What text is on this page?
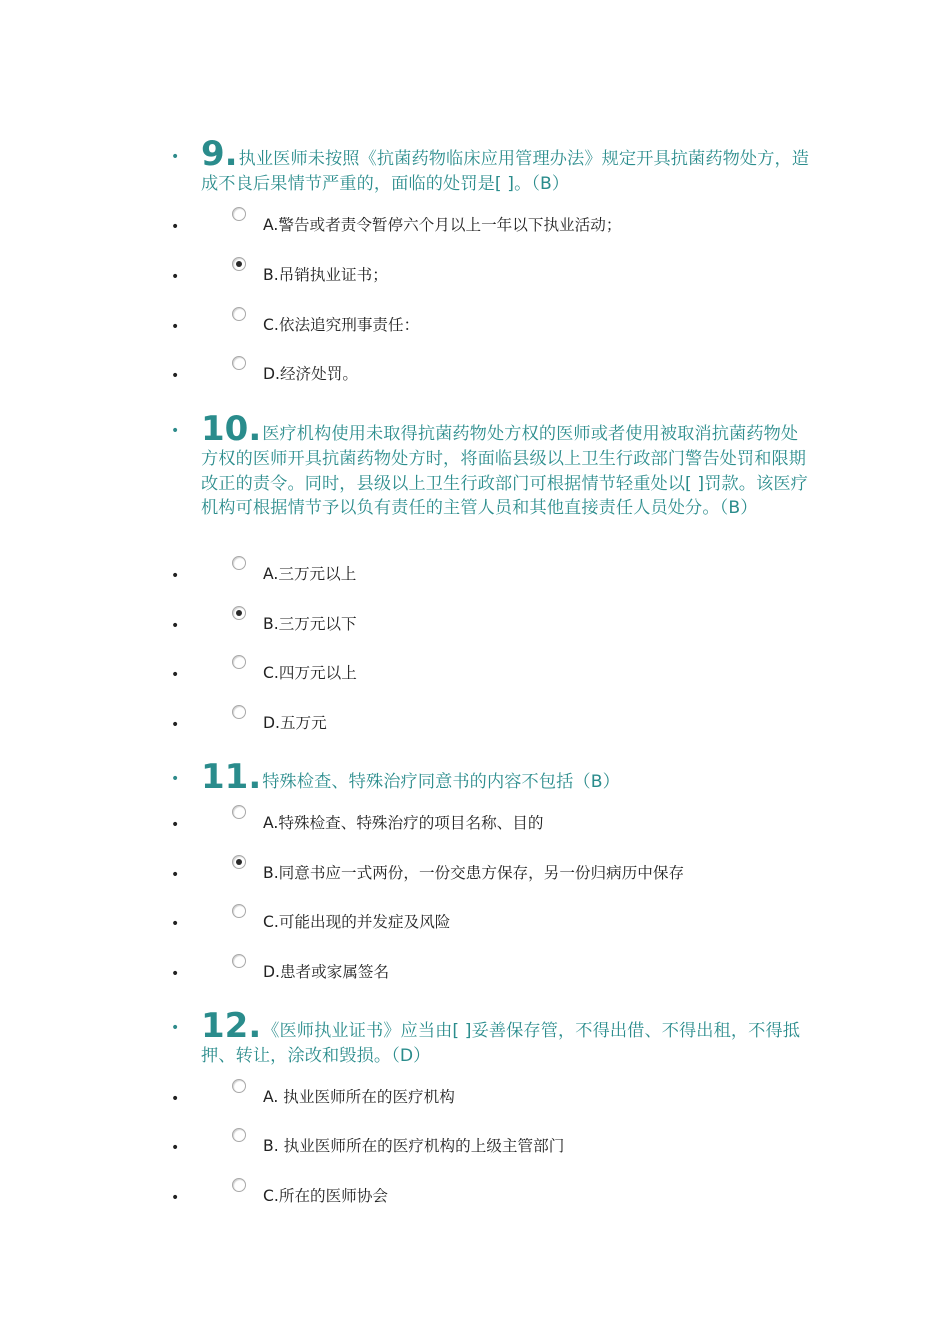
• 9.执业医师未按照《抗菌药物临床应用管理办法》规定开具抗菌药物处方，造成不良后果情节严重的，面临的处罚是[ ]。（B）
•	A.警告或者责令暂停六个月以上一年以下执业活动；
•	B.吊销执业证书；
•	C.依法追究刑事责任：
•	D.经济处罚。
• 10.医疗机构使用未取得抗菌药物处方权的医师或者使用被取消抗菌药物处方权的医师开具抗菌药物处方时，将面临县级以上卫生行政部门警告处罚和限期改正的责令。同时，县级以上卫生行政部门可根据情节轻重处以[ ]罚款。该医疗机构可根据情节予以负有责任的主管人员和其他直接责任人员处分。（B）
•	A.三万元以上
•	B.三万元以下
•	C.四万元以上
•	D.五万元
• 11.特殊检查、特殊治疗同意书的内容不包括（B）
•	A.特殊检查、特殊治疗的项目名称、目的
•	B.同意书应一式两份，一份交患方保存，另一份归病历中保存
•	C.可能出现的并发症及风险
•	D.患者或家属签名
• 12.《医师执业证书》应当由[ ]妥善保存管，不得出借、不得出租，不得抵押、转让，涂改和毁损。（D）
•	A. 执业医师所在的医疗机构
•	B. 执业医师所在的医疗机构的上级主管部门
•	C.所在的医师协会
